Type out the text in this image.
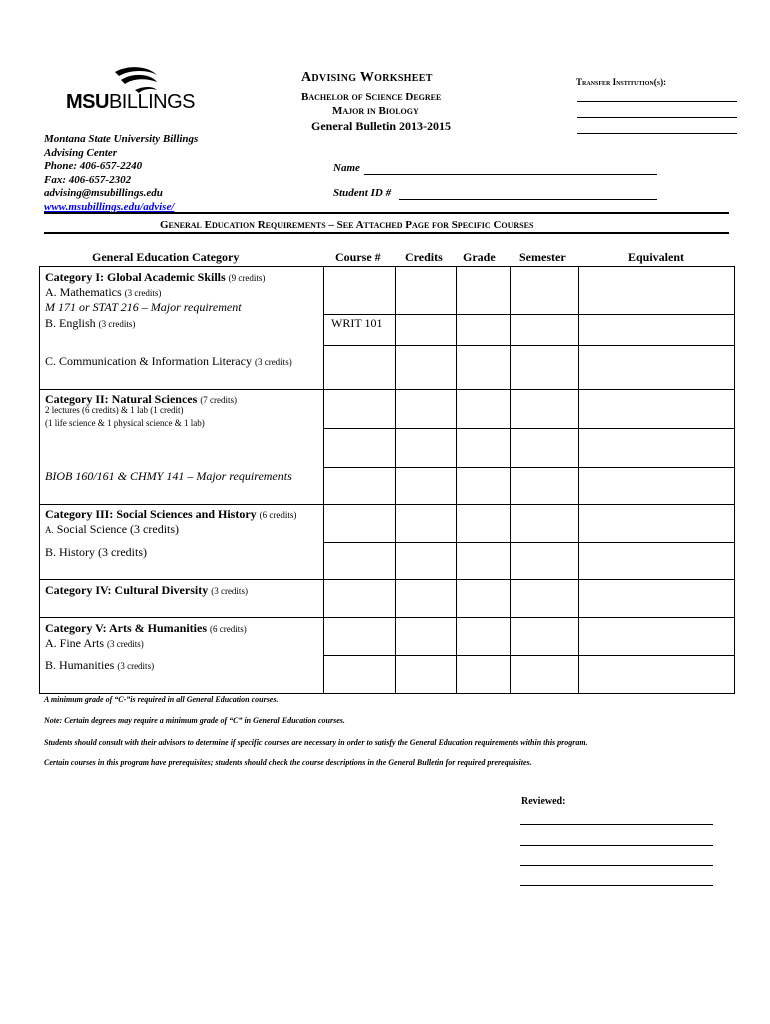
MSUBILLINGS
Montana State University Billings
Advising Center
Phone: 406-657-2240
Fax: 406-657-2302
advising@msubillings.edu
www.msubillings.edu/advise/
Advising Worksheet
Bachelor of Science Degree
Major in Biology
General Bulletin 2013-2015
Transfer Institution(s):
Name
Student ID #
General Education Requirements – See Attached Page for Specific Courses
General Education Category	Course # Credits Grade Semester	Equivalent
Category I: Global Academic Skills (9 credits)
A. Mathematics (3 credits)
M 171 or STAT 216 – Major requirement
B. English (3 credits)	WRIT 101
C. Communication & Information Literacy (3 credits)
Category II: Natural Sciences (7 credits)
2 lectures (6 credits) & 1 lab (1 credit)
(1 life science & 1 physical science & 1 lab)
BIOB 160/161 & CHMY 141 – Major requirements
Category III: Social Sciences and History (6 credits)
A. Social Science (3 credits)
B. History (3 credits)
Category IV: Cultural Diversity (3 credits)
Category V: Arts & Humanities (6 credits)
A. Fine Arts (3 credits)
B. Humanities (3 credits)
A minimum grade of “C-”is required in all General Education courses.
Note: Certain degrees may require a minimum grade of “C” in General Education courses.
Students should consult with their advisors to determine if specific courses are necessary in order to satisfy the General Education requirements within this program.
Certain courses in this program have prerequisites; students should check the course descriptions in the General Bulletin for required prerequisites.
Reviewed:
